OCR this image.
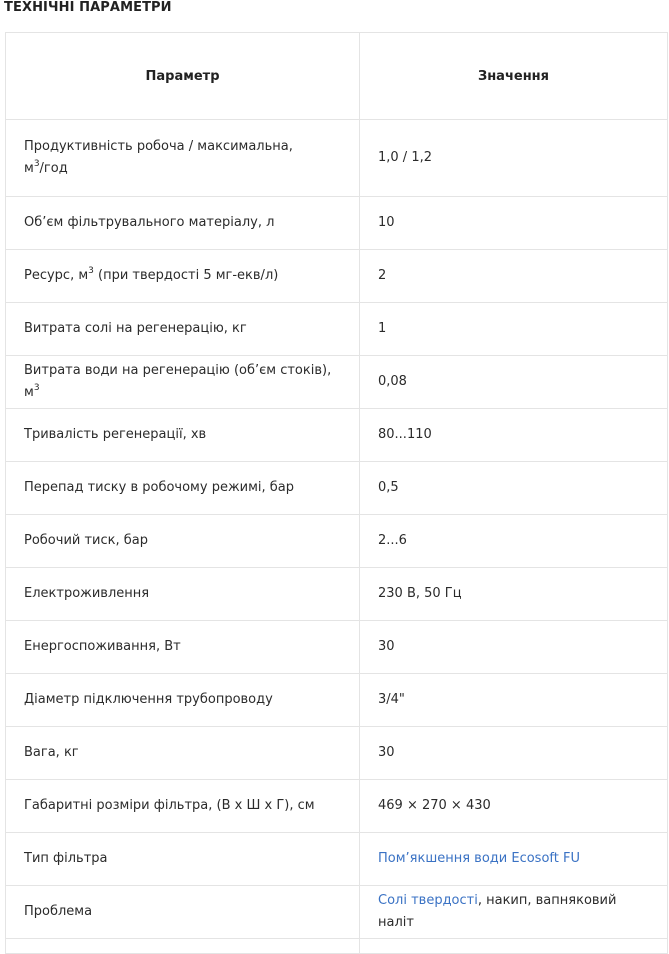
ТЕХНІЧНІ ПАРАМЕТРИ
Параметр	Значення
Продуктивність робоча / максимальна,
$м^3$/год	1,0 / 1,2
Об’єм фільтрувального матеріалу, л	10
Ресурс, $м^3$ (при твердості 5 мг-екв/л)	2
Витрата солі на регенерацію, кг	1
Витрата води на регенерацію (об’єм стоків), $м^3$	0,08
Тривалість регенерації, хв	80...110
Перепад тиску в робочому режимі, бар	0,5
Робочий тиск, бар	2...6
Електроживлення	230 В, 50 Гц
Енергоспоживання, Вт	30
Діаметр підключення трубопроводу	3/4"
Вага, кг	30
Габаритні розміри фільтра, (В х Ш х Г), см	469 × 270 × 430
Тип фільтра	Пом’якшення води Ecosoft FU
Проблема	Солі твердості, накип, вапняковий наліт
